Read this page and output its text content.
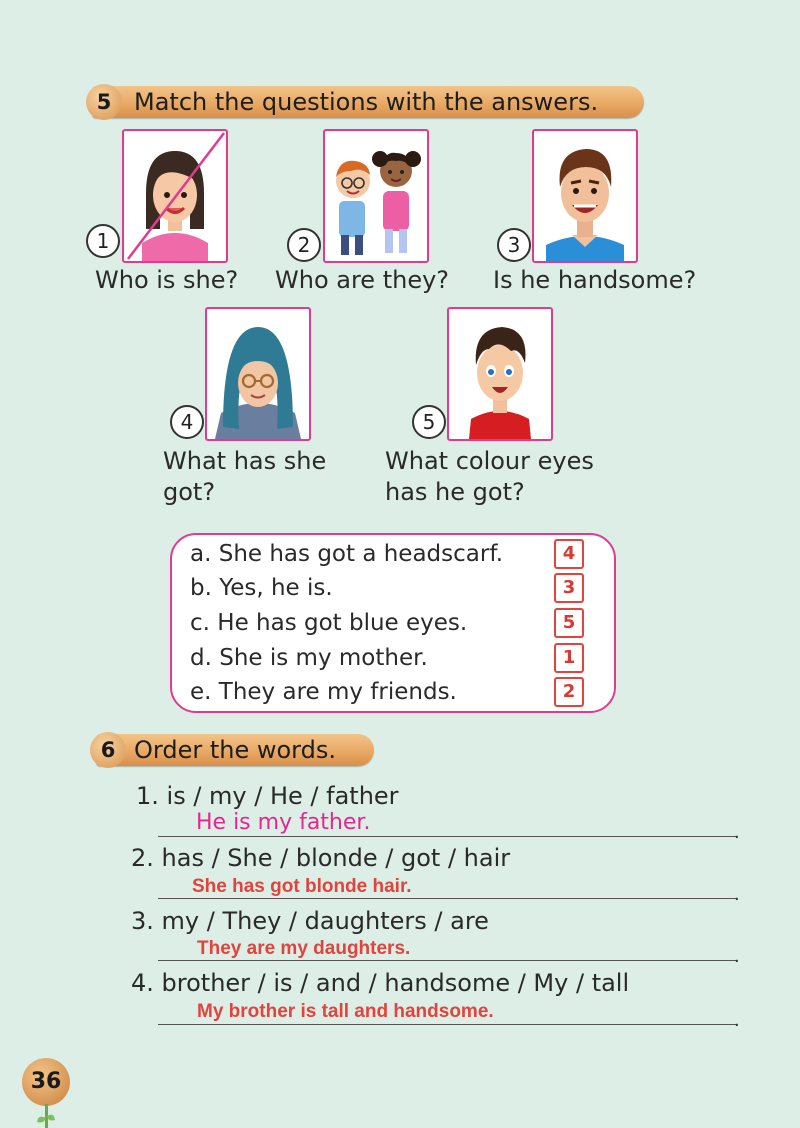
5 Match the questions with the answers.
1	2	3
Who is she? Who are they? Is he handsome?
4	5
What has she
got?
What colour eyes
has he got?
a. She has got a headscarf.	4
b. Yes, he is.	3
c. He has got blue eyes.	5
d. She is my mother.	1
e. They are my friends.	2
6 Order the words.
1. is / my / He / father
He is my father.	.
2. has / She / blonde / got / hair
She has got blonde hair.	.
3. my / They / daughters / are
They are my daughters.	.
4. brother / is / and / handsome / My / tall
My brother is tall and handsome.	.
36
